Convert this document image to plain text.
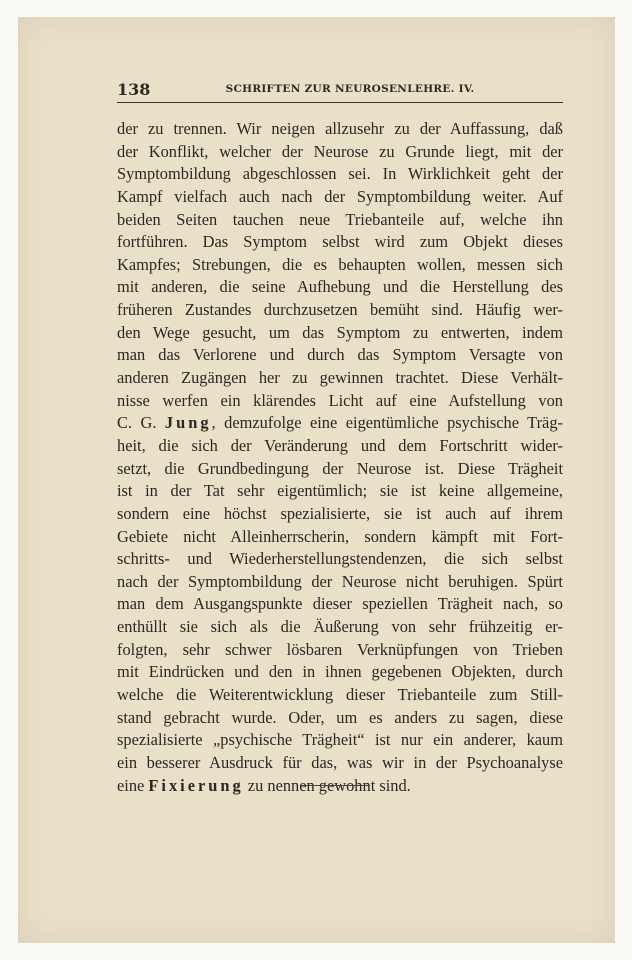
138	SCHRIFTEN ZUR NEUROSENLEHRE. IV.
der zu trennen. Wir neigen allzusehr zu der Auffassung, daß
der Konflikt, welcher der Neurose zu Grunde liegt, mit der
Symptombildung abgeschlossen sei. In Wirklichkeit geht der
Kampf vielfach auch nach der Symptombildung weiter. Auf
beiden Seiten tauchen neue Triebanteile auf, welche ihn
fortführen. Das Symptom selbst wird zum Objekt dieses
Kampfes; Strebungen, die es behaupten wollen, messen sich
mit anderen, die seine Aufhebung und die Herstellung des
früheren Zustandes durchzusetzen bemüht sind. Häufig wer-
den Wege gesucht, um das Symptom zu entwerten, indem
man das Verlorene und durch das Symptom Versagte von
anderen Zugängen her zu gewinnen trachtet. Diese Verhält-
nisse werfen ein klärendes Licht auf eine Aufstellung von
C. G. Jung, demzufolge eine eigentümliche psychische Träg-
heit, die sich der Veränderung und dem Fortschritt wider-
setzt, die Grundbedingung der Neurose ist. Diese Trägheit
ist in der Tat sehr eigentümlich; sie ist keine allgemeine,
sondern eine höchst spezialisierte, sie ist auch auf ihrem
Gebiete nicht Alleinherrscherin, sondern kämpft mit Fort-
schritts- und Wiederherstellungstendenzen, die sich selbst
nach der Symptombildung der Neurose nicht beruhigen. Spürt
man dem Ausgangspunkte dieser speziellen Trägheit nach, so
enthüllt sie sich als die Äußerung von sehr frühzeitig er-
folgten, sehr schwer lösbaren Verknüpfungen von Trieben
mit Eindrücken und den in ihnen gegebenen Objekten, durch
welche die Weiterentwicklung dieser Triebanteile zum Still-
stand gebracht wurde. Oder, um es anders zu sagen, diese
spezialisierte „psychische Trägheit“ ist nur ein anderer, kaum
ein besserer Ausdruck für das, was wir in der Psychoanalyse
eine Fixierung zu nennen gewohnt sind.
